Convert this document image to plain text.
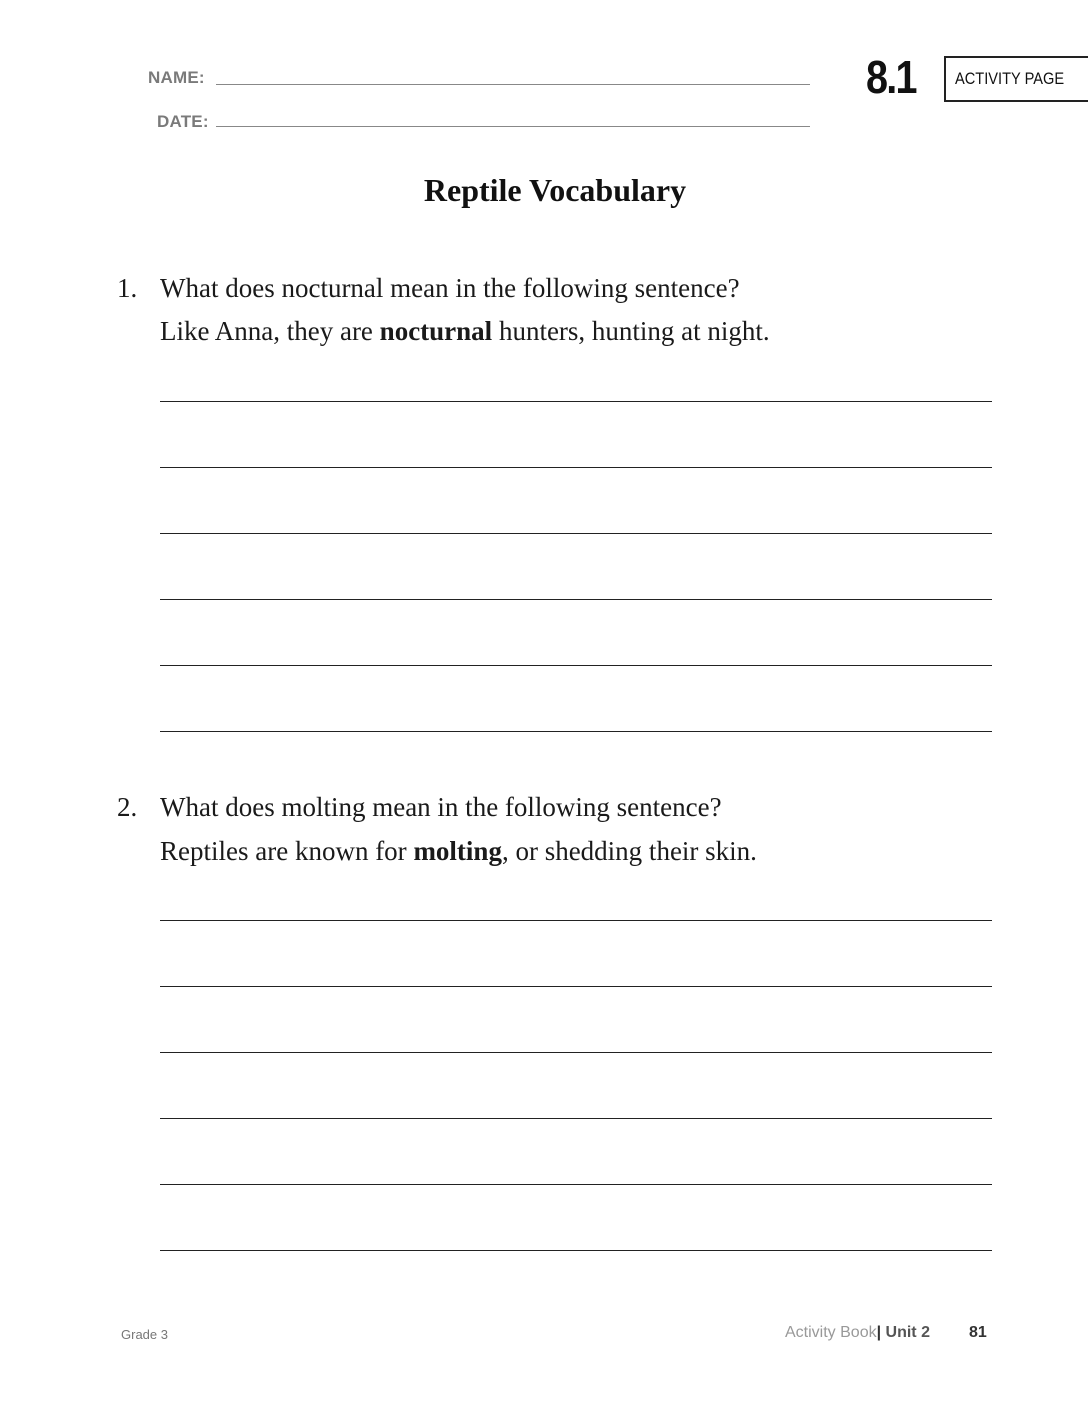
NAME:
DATE:
8.1	ACTIVITY PAGE
Reptile Vocabulary
1. What does nocturnal mean in the following sentence?
Like Anna, they are nocturnal hunters, hunting at night.
2. What does molting mean in the following sentence?
Reptiles are known for molting, or shedding their skin.
Grade 3	Activity Book| Unit 2 81
